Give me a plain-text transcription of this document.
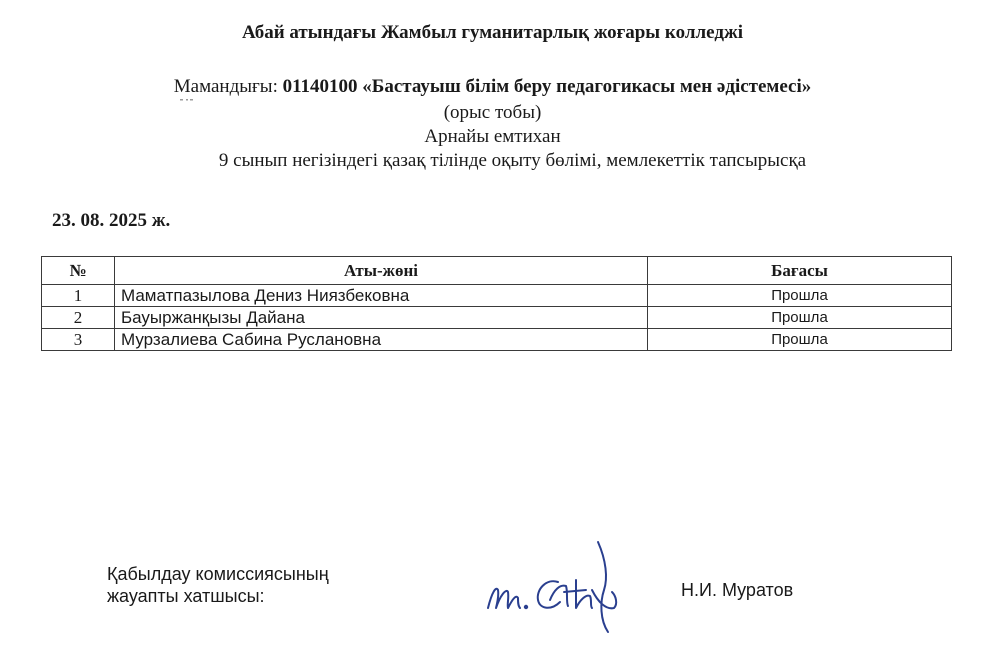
Абай атындағы Жамбыл гуманитарлық жоғары колледжі
Мамандығы: 01140100 «Бастауыш білім беру педагогикасы мен әдістемесі»
(орыс тобы)
Арнайы емтихан
9 сынып негізіндегі қазақ тілінде оқыту бөлімі, мемлекеттік тапсырысқа
23. 08. 2025 ж.
№	Аты-жөні	Бағасы
1	Маматпазылова Дениз Ниязбековна	Прошла
2	Бауыржанқызы Дайана	Прошла
3	Мурзалиева Сабина Руслановна	Прошла
Қабылдау комиссиясының
жауапты хатшысы:	Н.И. Муратов
